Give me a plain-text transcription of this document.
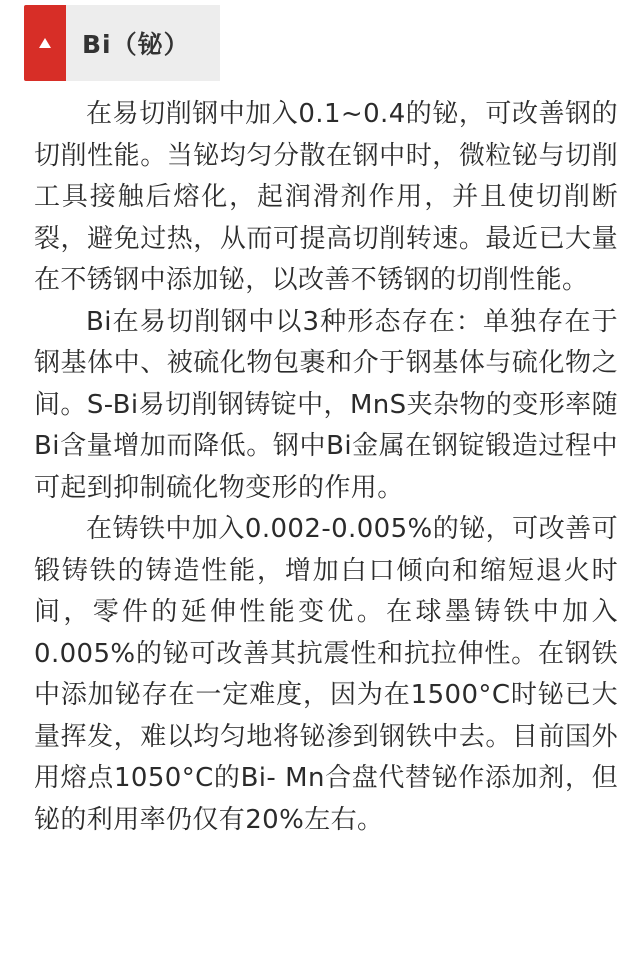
Bi（铋）

在易切削钢中加入0.1~0.4的铋，可改善钢的切削性能。当铋均匀分散在钢中时，微粒铋与切削工具接触后熔化，起润滑剂作用，并且使切削断裂，避免过热，从而可提高切削转速。最近已大量在不锈钢中添加铋，以改善不锈钢的切削性能。

Bi在易切削钢中以3种形态存在：单独存在于钢基体中、被硫化物包裹和介于钢基体与硫化物之间。S-Bi易切削钢铸锭中，MnS夹杂物的变形率随Bi含量增加而降低。钢中Bi金属在钢锭锻造过程中可起到抑制硫化物变形的作用。

在铸铁中加入0.002-0.005%的铋，可改善可锻铸铁的铸造性能，增加白口倾向和缩短退火时间，零件的延伸性能变优。在球墨铸铁中加入0.005%的铋可改善其抗震性和抗拉伸性。在钢铁中添加铋存在一定难度，因为在1500°C时铋已大量挥发，难以均匀地将铋渗到钢铁中去。目前国外用熔点1050°C的Bi- Mn合盘代替铋作添加剂，但铋的利用率仍仅有20%左右。
